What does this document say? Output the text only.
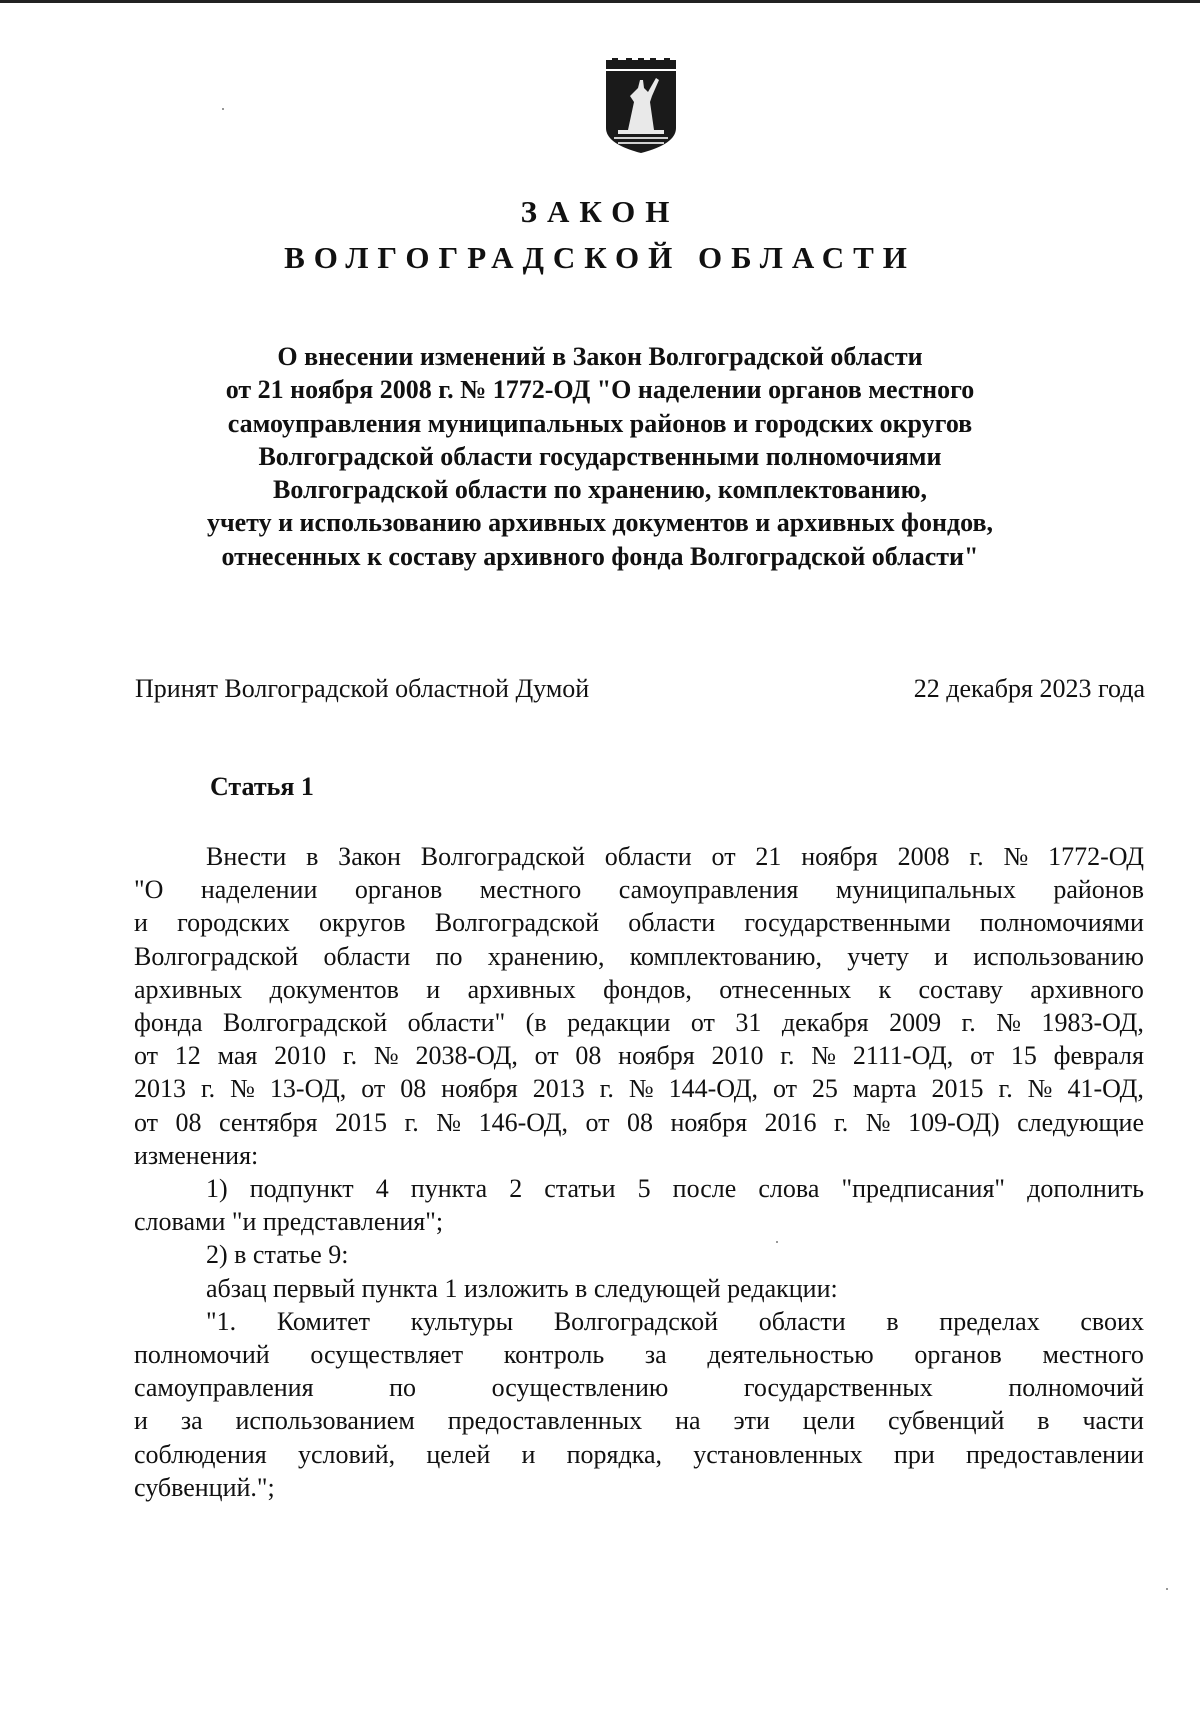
ЗАКОН
ВОЛГОГРАДСКОЙ ОБЛАСТИ
О внесении изменений в Закон Волгоградской области
от 21 ноября 2008 г. № 1772-ОД "О наделении органов местного
самоуправления муниципальных районов и городских округов
Волгоградской области государственными полномочиями
Волгоградской области по хранению, комплектованию,
учету и использованию архивных документов и архивных фондов,
отнесенных к составу архивного фонда Волгоградской области"
Принят Волгоградской областной Думой	22 декабря 2023 года
Статья 1
Внести в Закон Волгоградской области от 21 ноября 2008 г. № 1772-ОД
"О наделении органов местного самоуправления муниципальных районов
и городских округов Волгоградской области государственными полномочиями
Волгоградской области по хранению, комплектованию, учету и использованию
архивных документов и архивных фондов, отнесенных к составу архивного
фонда Волгоградской области" (в редакции от 31 декабря 2009 г. № 1983-ОД,
от 12 мая 2010 г. № 2038-ОД, от 08 ноября 2010 г. № 2111-ОД, от 15 февраля
2013 г. № 13-ОД, от 08 ноября 2013 г. № 144-ОД, от 25 марта 2015 г. № 41-ОД,
от 08 сентября 2015 г. № 146-ОД, от 08 ноября 2016 г. № 109-ОД) следующие
изменения:
1) подпункт 4 пункта 2 статьи 5 после слова "предписания" дополнить
словами "и представления";
2) в статье 9:
абзац первый пункта 1 изложить в следующей редакции:
"1. Комитет культуры Волгоградской области в пределах своих
полномочий осуществляет контроль за деятельностью органов местного
самоуправления	по	осуществлению	государственных	полномочий
и за использованием предоставленных на эти цели субвенций в части
соблюдения условий, целей и порядка, установленных при предоставлении
субвенций.";
